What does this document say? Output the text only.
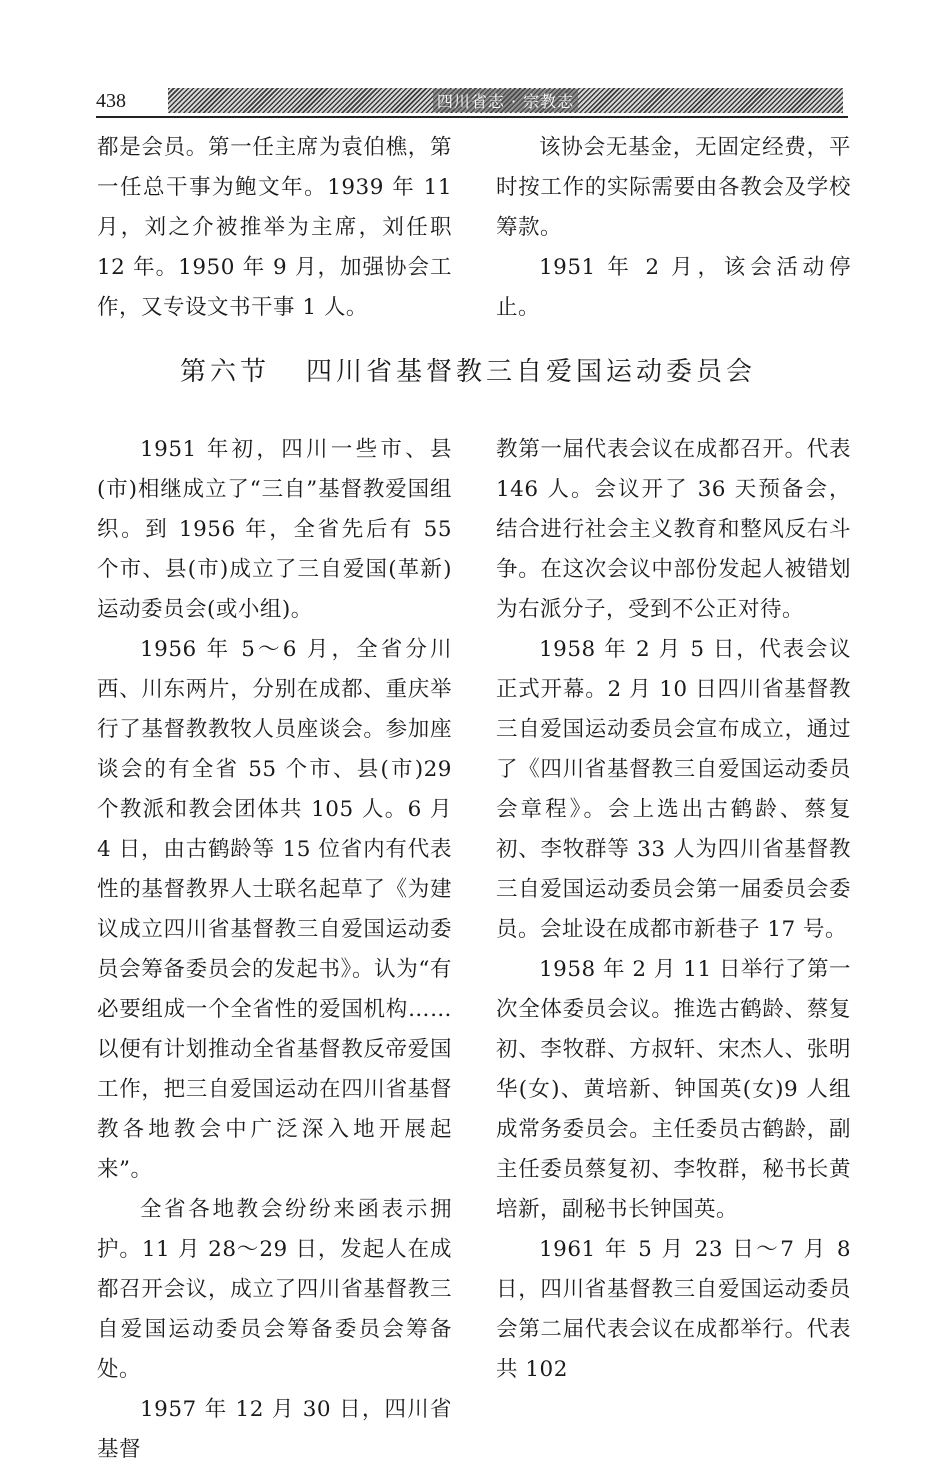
438	四川省志 · 宗教志

都是会员。第一任主席为袁伯樵，第一任总干事为鲍文年。1939 年 11 月，刘之介被推举为主席，刘任职 12 年。1950 年 9 月，加强协会工作，又专设文书干事 1 人。

该协会无基金，无固定经费，平时按工作的实际需要由各教会及学校筹款。

1951 年 2 月，该会活动停止。

第六节 四川省基督教三自爱国运动委员会

1951 年初，四川一些市、县(市)相继成立了“三自”基督教爱国组织。到 1956 年，全省先后有 55 个市、县(市)成立了三自爱国(革新)运动委员会(或小组)。

1956 年 5～6 月，全省分川西、川东两片，分别在成都、重庆举行了基督教教牧人员座谈会。参加座谈会的有全省 55 个市、县(市)29 个教派和教会团体共 105 人。6 月 4 日，由古鹤龄等 15 位省内有代表性的基督教界人士联名起草了《为建议成立四川省基督教三自爱国运动委员会筹备委员会的发起书》。认为“有必要组成一个全省性的爱国机构……以便有计划推动全省基督教反帝爱国工作，把三自爱国运动在四川省基督教各地教会中广泛深入地开展起来”。

全省各地教会纷纷来函表示拥护。11 月 28～29 日，发起人在成都召开会议，成立了四川省基督教三自爱国运动委员会筹备委员会筹备处。

1957 年 12 月 30 日，四川省基督

教第一届代表会议在成都召开。代表 146 人。会议开了 36 天预备会，结合进行社会主义教育和整风反右斗争。在这次会议中部份发起人被错划为右派分子，受到不公正对待。

1958 年 2 月 5 日，代表会议正式开幕。2 月 10 日四川省基督教三自爱国运动委员会宣布成立，通过了《四川省基督教三自爱国运动委员会章程》。会上选出古鹤龄、蔡复初、李牧群等 33 人为四川省基督教三自爱国运动委员会第一届委员会委员。会址设在成都市新巷子 17 号。

1958 年 2 月 11 日举行了第一次全体委员会议。推选古鹤龄、蔡复初、李牧群、方叔轩、宋杰人、张明华(女)、黄培新、钟国英(女)9 人组成常务委员会。主任委员古鹤龄，副主任委员蔡复初、李牧群，秘书长黄培新，副秘书长钟国英。

1961 年 5 月 23 日～7 月 8 日，四川省基督教三自爱国运动委员会第二届代表会议在成都举行。代表共 102
